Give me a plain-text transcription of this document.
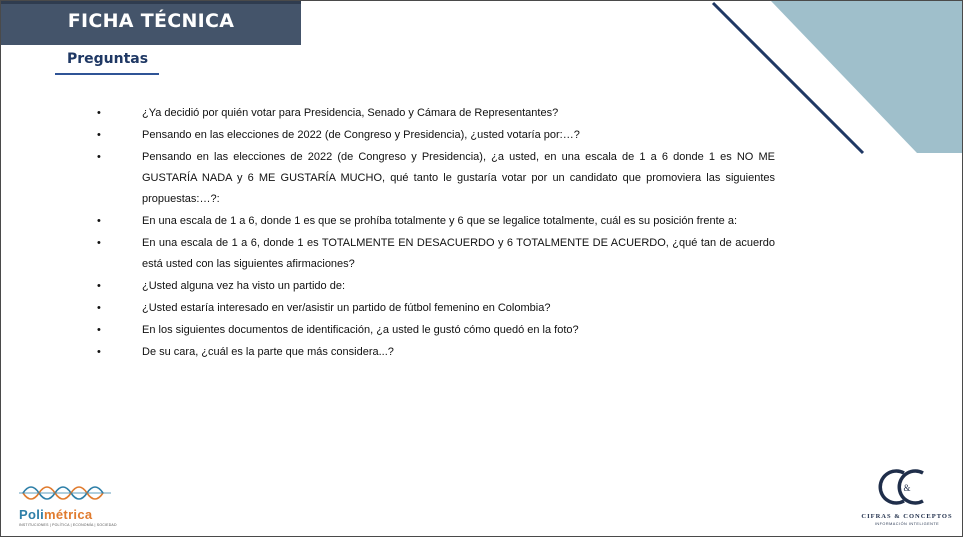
FICHA TÉCNICA
Preguntas
•	¿Ya decidió por quién votar para Presidencia, Senado y Cámara de Representantes?
•	Pensando en las elecciones de 2022 (de Congreso y Presidencia), ¿usted votaría por:…?
•	Pensando en las elecciones de 2022 (de Congreso y Presidencia), ¿a usted, en una escala de 1 a 6 donde 1 es NO ME GUSTARÍA NADA y 6 ME GUSTARÍA MUCHO, qué tanto le gustaría votar por un candidato que promoviera las siguientes propuestas:…?:
•	En una escala de 1 a 6, donde 1 es que se prohíba totalmente y 6 que se legalice totalmente, cuál es su posición frente a:
•	En una escala de 1 a 6, donde 1 es TOTALMENTE EN DESACUERDO y 6 TOTALMENTE DE ACUERDO, ¿qué tan de acuerdo está usted con las siguientes afirmaciones?
•	¿Usted alguna vez ha visto un partido de:
•	¿Usted estaría interesado en ver/asistir un partido de fútbol femenino en Colombia?
•	En los siguientes documentos de identificación, ¿a usted le gustó cómo quedó en la foto?
•	De su cara, ¿cuál es la parte que más considera...?
Polimétrica
INSTITUCIONES | POLÍTICA | ECONOMÍA | SOCIEDAD
&
CIFRAS & CONCEPTOS
INFORMACIÓN INTELIGENTE
